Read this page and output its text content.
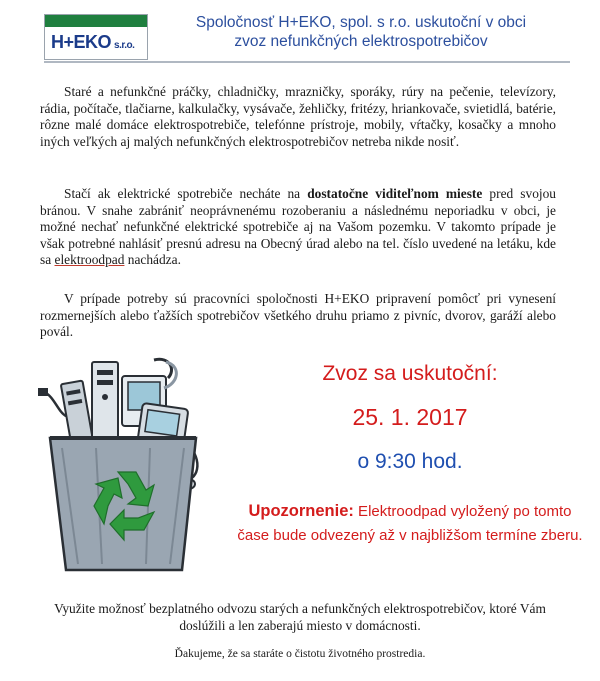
H+EKO s.r.o.
Spoločnosť H+EKO, spol. s r.o. uskutoční v obci
zvoz nefunkčných elektrospotrebičov

Staré a nefunkčné práčky, chladničky, mrazničky, sporáky, rúry na pečenie, televízory, rádia, počítače, tlačiarne, kalkulačky, vysávače, žehličky, fritézy, hriankovače, svietidlá, batérie, rôzne malé domáce elektrospotrebiče, telefónne prístroje, mobily, vŕtačky, kosačky a mnoho iných veľkých aj malých nefunkčných elektrospotrebičov netreba nikde nosiť.

Stačí ak elektrické spotrebiče necháte na dostatočne viditeľnom mieste pred svojou bránou. V snahe zabrániť neoprávnenému rozoberaniu a následnému neporiadku v obci, je možné nechať nefunkčné elektrické spotrebiče aj na Vašom pozemku. V takomto prípade je však potrebné nahlásiť presnú adresu na Obecný úrad alebo na tel. číslo uvedené na letáku, kde sa elektroodpad nachádza.

V prípade potreby sú pracovníci spoločnosti H+EKO pripravení pomôcť pri vynesení rozmernejších alebo ťažších spotrebičov všetkého druhu priamo z pivníc, dvorov, garáží alebo povál.

Zvoz sa uskutoční:
25. 1. 2017
o 9:30 hod.
Upozornenie: Elektroodpad vyložený po tomto čase bude odvezený až v najbližšom termíne zberu.
Využite možnosť bezplatného odvozu starých a nefunkčných elektrospotrebičov, ktoré Vám doslúžili a len zaberajú miesto v domácnosti.
Ďakujeme, že sa staráte o čistotu životného prostredia.
